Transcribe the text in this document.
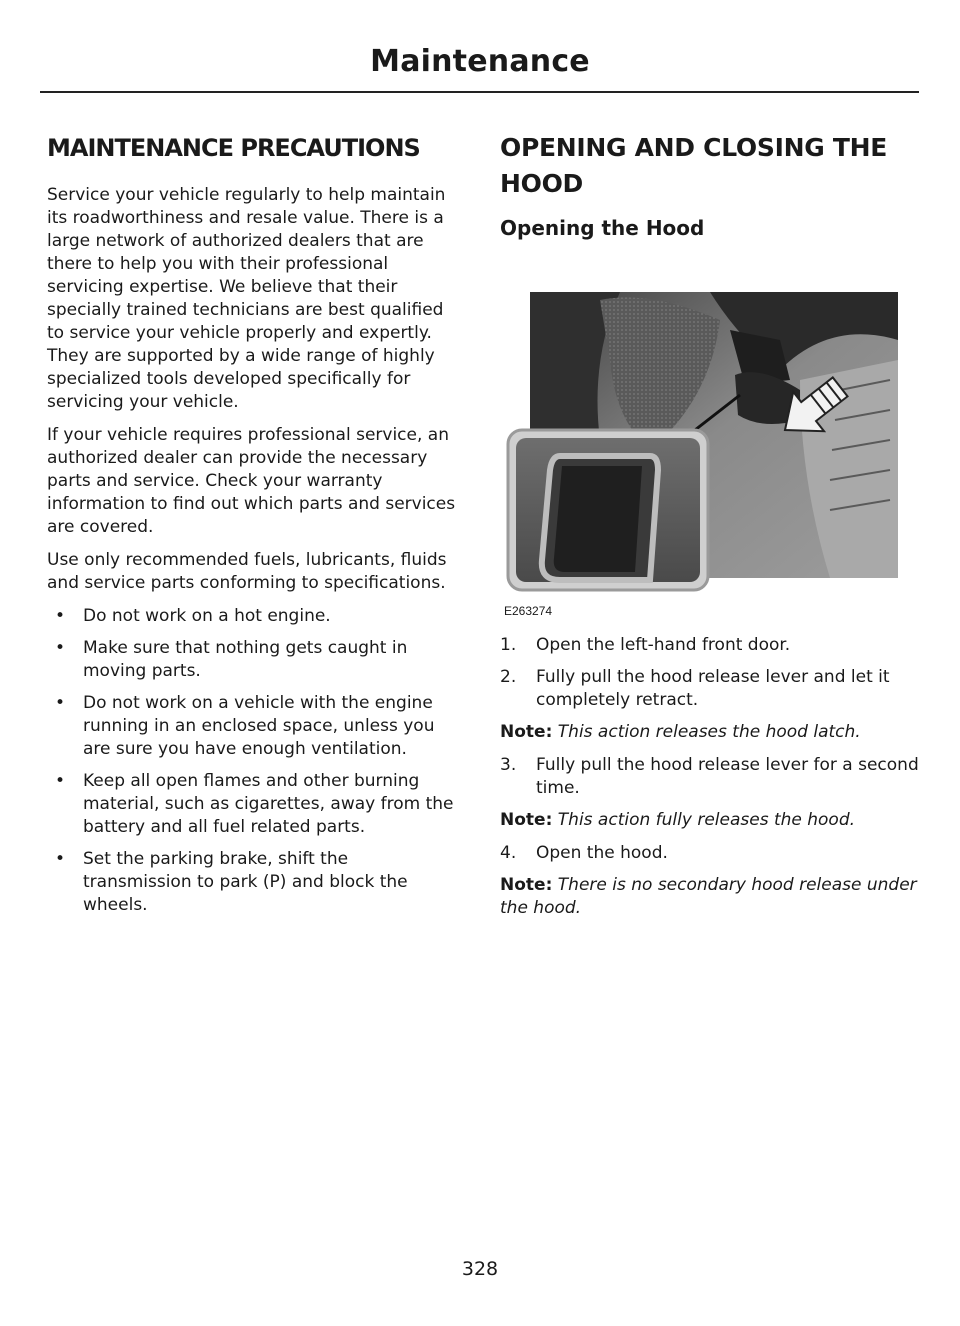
Maintenance
MAINTENANCE PRECAUTIONS

Service your vehicle regularly to help maintain its roadworthiness and resale value. There is a large network of authorized dealers that are there to help you with their professional servicing expertise. We believe that their specially trained technicians are best qualified to service your vehicle properly and expertly. They are supported by a wide range of highly specialized tools developed specifically for servicing your vehicle.

If your vehicle requires professional service, an authorized dealer can provide the necessary parts and service. Check your warranty information to find out which parts and services are covered.

Use only recommended fuels, lubricants, fluids and service parts conforming to specifications.

• Do not work on a hot engine.
• Make sure that nothing gets caught in moving parts.
• Do not work on a vehicle with the engine running in an enclosed space, unless you are sure you have enough ventilation.
• Keep all open flames and other burning material, such as cigarettes, away from the battery and all fuel related parts.
• Set the parking brake, shift the transmission to park (P) and block the wheels.
OPENING AND CLOSING THE HOOD
Opening the Hood
E263274
1. Open the left-hand front door.
2. Fully pull the hood release lever and let it completely retract.

Note: This action releases the hood latch.

3. Fully pull the hood release lever for a second time.

Note: This action fully releases the hood.

4. Open the hood.

Note: There is no secondary hood release under the hood.

328
